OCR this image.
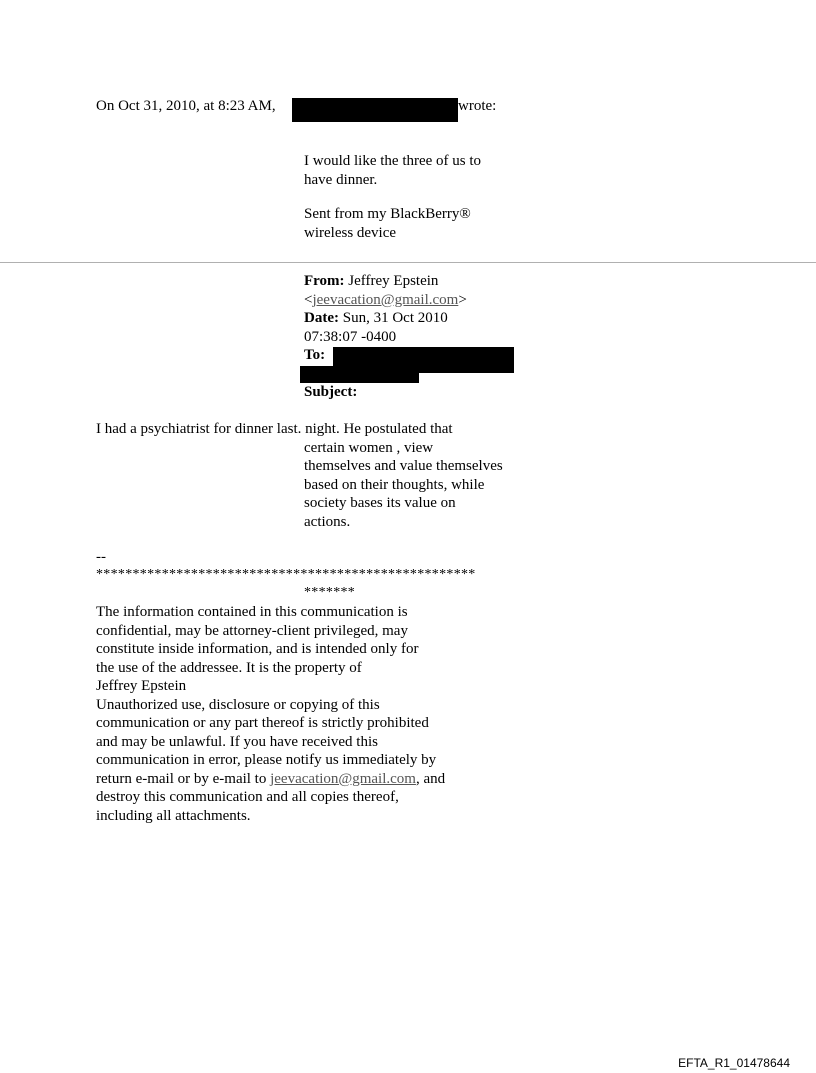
On Oct 31, 2010, at 8:23 AM,	wrote:
I would like the three of us to
have dinner.
Sent from my BlackBerry®
wireless device
From: Jeffrey Epstein
<jeevacation@gmail.com>
Date: Sun, 31 Oct 2010
07:38:07 -0400
To:
Subject:
I had a psychiatrist for dinner last. night. He postulated that
certain women , view
themselves and value themselves
based on their thoughts, while
society bases its value on
actions.
--
****************************************************
*******
The information contained in this communication is
confidential, may be attorney-client privileged, may
constitute inside information, and is intended only for
the use of the addressee. It is the property of
Jeffrey Epstein
Unauthorized use, disclosure or copying of this
communication or any part thereof is strictly prohibited
and may be unlawful. If you have received this
communication in error, please notify us immediately by
return e-mail or by e-mail to jeevacation@gmail.com, and
destroy this communication and all copies thereof,
including all attachments.
EFTA_R1_01478644
